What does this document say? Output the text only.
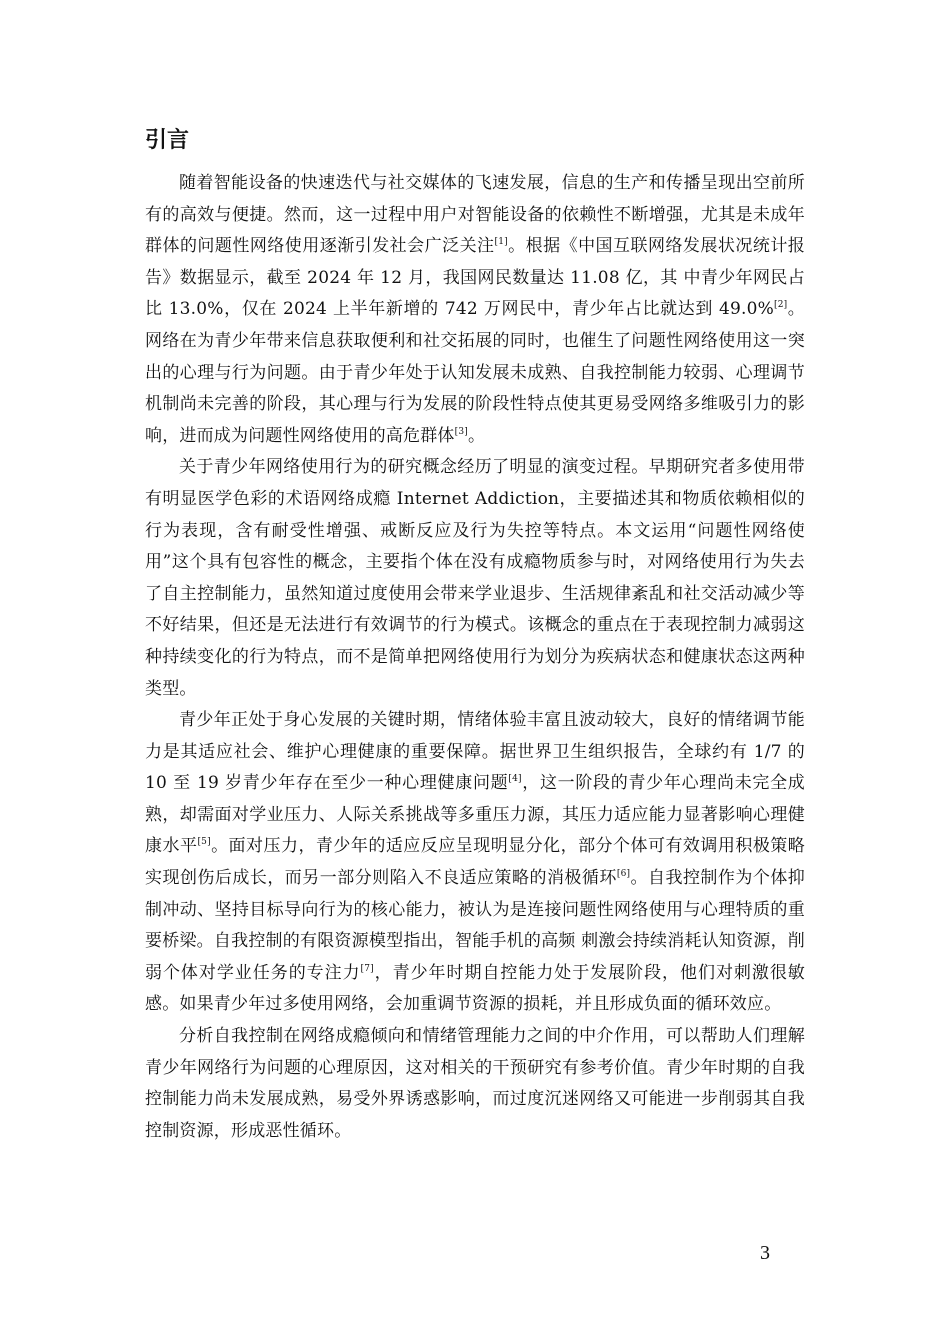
引言

随着智能设备的快速迭代与社交媒体的飞速发展，信息的生产和传播呈现出空前所有的高效与便捷。然而，这一过程中用户对智能设备的依赖性不断增强，尤其是未成年群体的问题性网络使用逐渐引发社会广泛关注[1]。根据《中国互联网络发展状况统计报告》数据显示，截至 2024 年 12 月，我国网民数量达 11.08 亿，其 中青少年网民占比 13.0%，仅在 2024 上半年新增的 742 万网民中，青少年占比就达到 49.0%[2]。网络在为青少年带来信息获取便利和社交拓展的同时，也催生了问题性网络使用这一突出的心理与行为问题。由于青少年处于认知发展未成熟、自我控制能力较弱、心理调节机制尚未完善的阶段，其心理与行为发展的阶段性特点使其更易受网络多维吸引力的影响，进而成为问题性网络使用的高危群体[3]。

关于青少年网络使用行为的研究概念经历了明显的演变过程。早期研究者多使用带有明显医学色彩的术语网络成瘾 Internet Addiction，主要描述其和物质依赖相似的行为表现，含有耐受性增强、戒断反应及行为失控等特点。本文运用“问题性网络使用”这个具有包容性的概念，主要指个体在没有成瘾物质参与时，对网络使用行为失去了自主控制能力，虽然知道过度使用会带来学业退步、生活规律紊乱和社交活动减少等不好结果，但还是无法进行有效调节的行为模式。该概念的重点在于表现控制力减弱这种持续变化的行为特点，而不是简单把网络使用行为划分为疾病状态和健康状态这两种类型。

青少年正处于身心发展的关键时期，情绪体验丰富且波动较大，良好的情绪调节能力是其适应社会、维护心理健康的重要保障。据世界卫生组织报告，全球约有 1/7 的 10 至 19 岁青少年存在至少一种心理健康问题[4]，这一阶段的青少年心理尚未完全成熟，却需面对学业压力、人际关系挑战等多重压力源，其压力适应能力显著影响心理健康水平[5]。面对压力，青少年的适应反应呈现明显分化，部分个体可有效调用积极策略实现创伤后成长，而另一部分则陷入不良适应策略的消极循环[6]。自我控制作为个体抑制冲动、坚持目标导向行为的核心能力，被认为是连接问题性网络使用与心理特质的重要桥梁。自我控制的有限资源模型指出，智能手机的高频 刺激会持续消耗认知资源，削弱个体对学业任务的专注力[7]，青少年时期自控能力处于发展阶段，他们对刺激很敏感。如果青少年过多使用网络，会加重调节资源的损耗，并且形成负面的循环效应。

分析自我控制在网络成瘾倾向和情绪管理能力之间的中介作用，可以帮助人们理解青少年网络行为问题的心理原因，这对相关的干预研究有参考价值。青少年时期的自我控制能力尚未发展成熟，易受外界诱惑影响，而过度沉迷网络又可能进一步削弱其自我控制资源，形成恶性循环。

3
